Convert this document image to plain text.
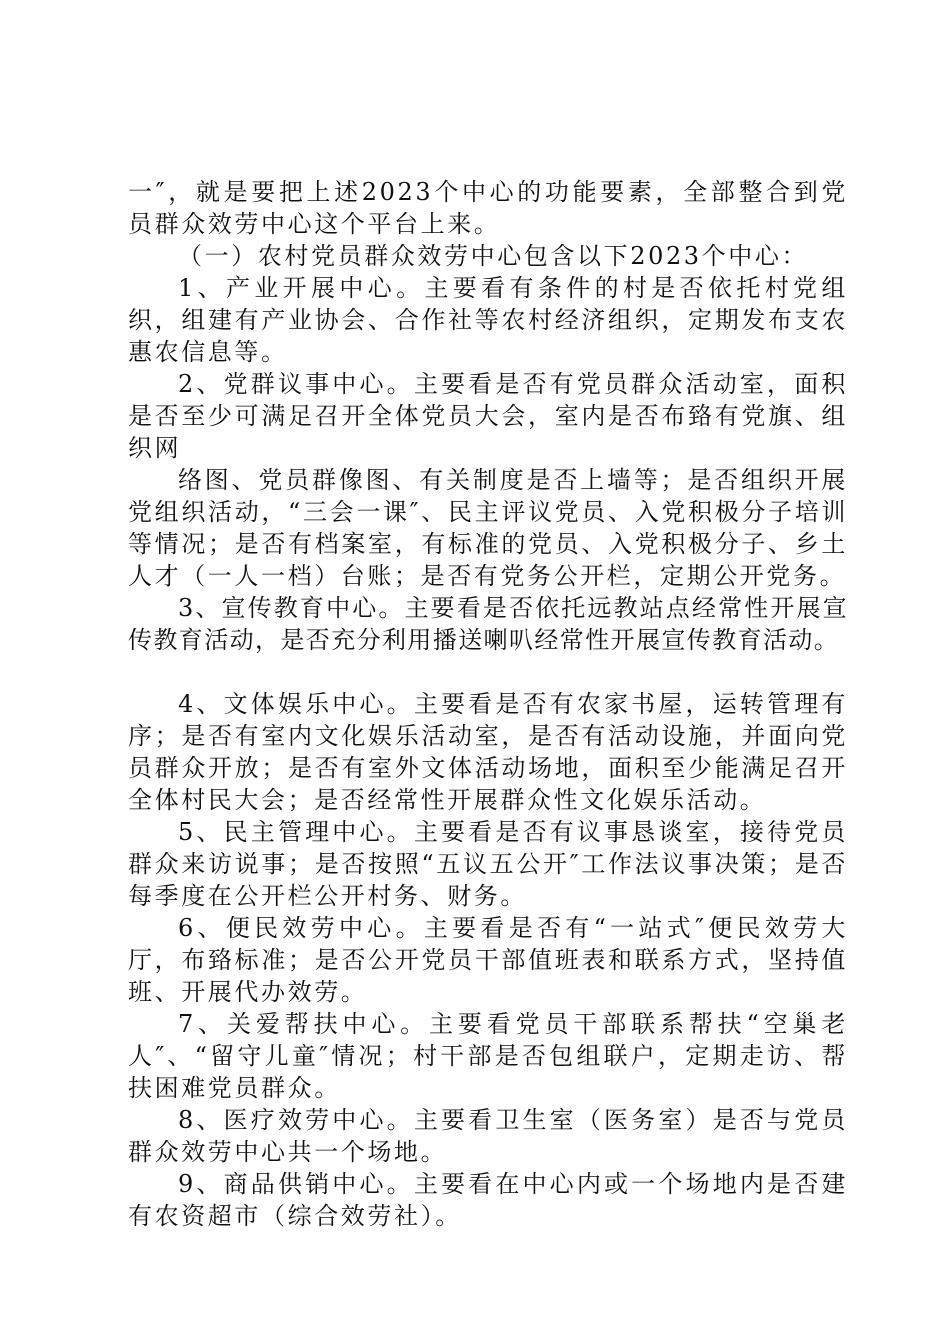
一″，就是要把上述2023个中心的功能要素，全部整合到党员群众效劳中心这个平台上来。

（一）农村党员群众效劳中心包含以下2023个中心：

1、产业开展中心。主要看有条件的村是否依托村党组织，组建有产业协会、合作社等农村经济组织，定期发布支农惠农信息等。

2、党群议事中心。主要看是否有党员群众活动室，面积是否至少可满足召开全体党员大会，室内是否布臵有党旗、组织网

络图、党员群像图、有关制度是否上墙等；是否组织开展党组织活动，“三会一课″、民主评议党员、入党积极分子培训等情况；是否有档案室，有标准的党员、入党积极分子、乡土人才（一人一档）台账；是否有党务公开栏，定期公开党务。

3、宣传教育中心。主要看是否依托远教站点经常性开展宣传教育活动，是否充分利用播送喇叭经常性开展宣传教育活动。

4、文体娱乐中心。主要看是否有农家书屋，运转管理有序；是否有室内文化娱乐活动室，是否有活动设施，并面向党员群众开放；是否有室外文体活动场地，面积至少能满足召开全体村民大会；是否经常性开展群众性文化娱乐活动。

5、民主管理中心。主要看是否有议事恳谈室，接待党员群众来访说事；是否按照“五议五公开″工作法议事决策；是否每季度在公开栏公开村务、财务。

6、便民效劳中心。主要看是否有“一站式″便民效劳大厅，布臵标准；是否公开党员干部值班表和联系方式，坚持值班、开展代办效劳。

7、关爱帮扶中心。主要看党员干部联系帮扶“空巢老人″、“留守儿童″情况；村干部是否包组联户，定期走访、帮扶困难党员群众。

8、医疗效劳中心。主要看卫生室（医务室）是否与党员群众效劳中心共一个场地。

9、商品供销中心。主要看在中心内或一个场地内是否建有农资超市（综合效劳社）。
